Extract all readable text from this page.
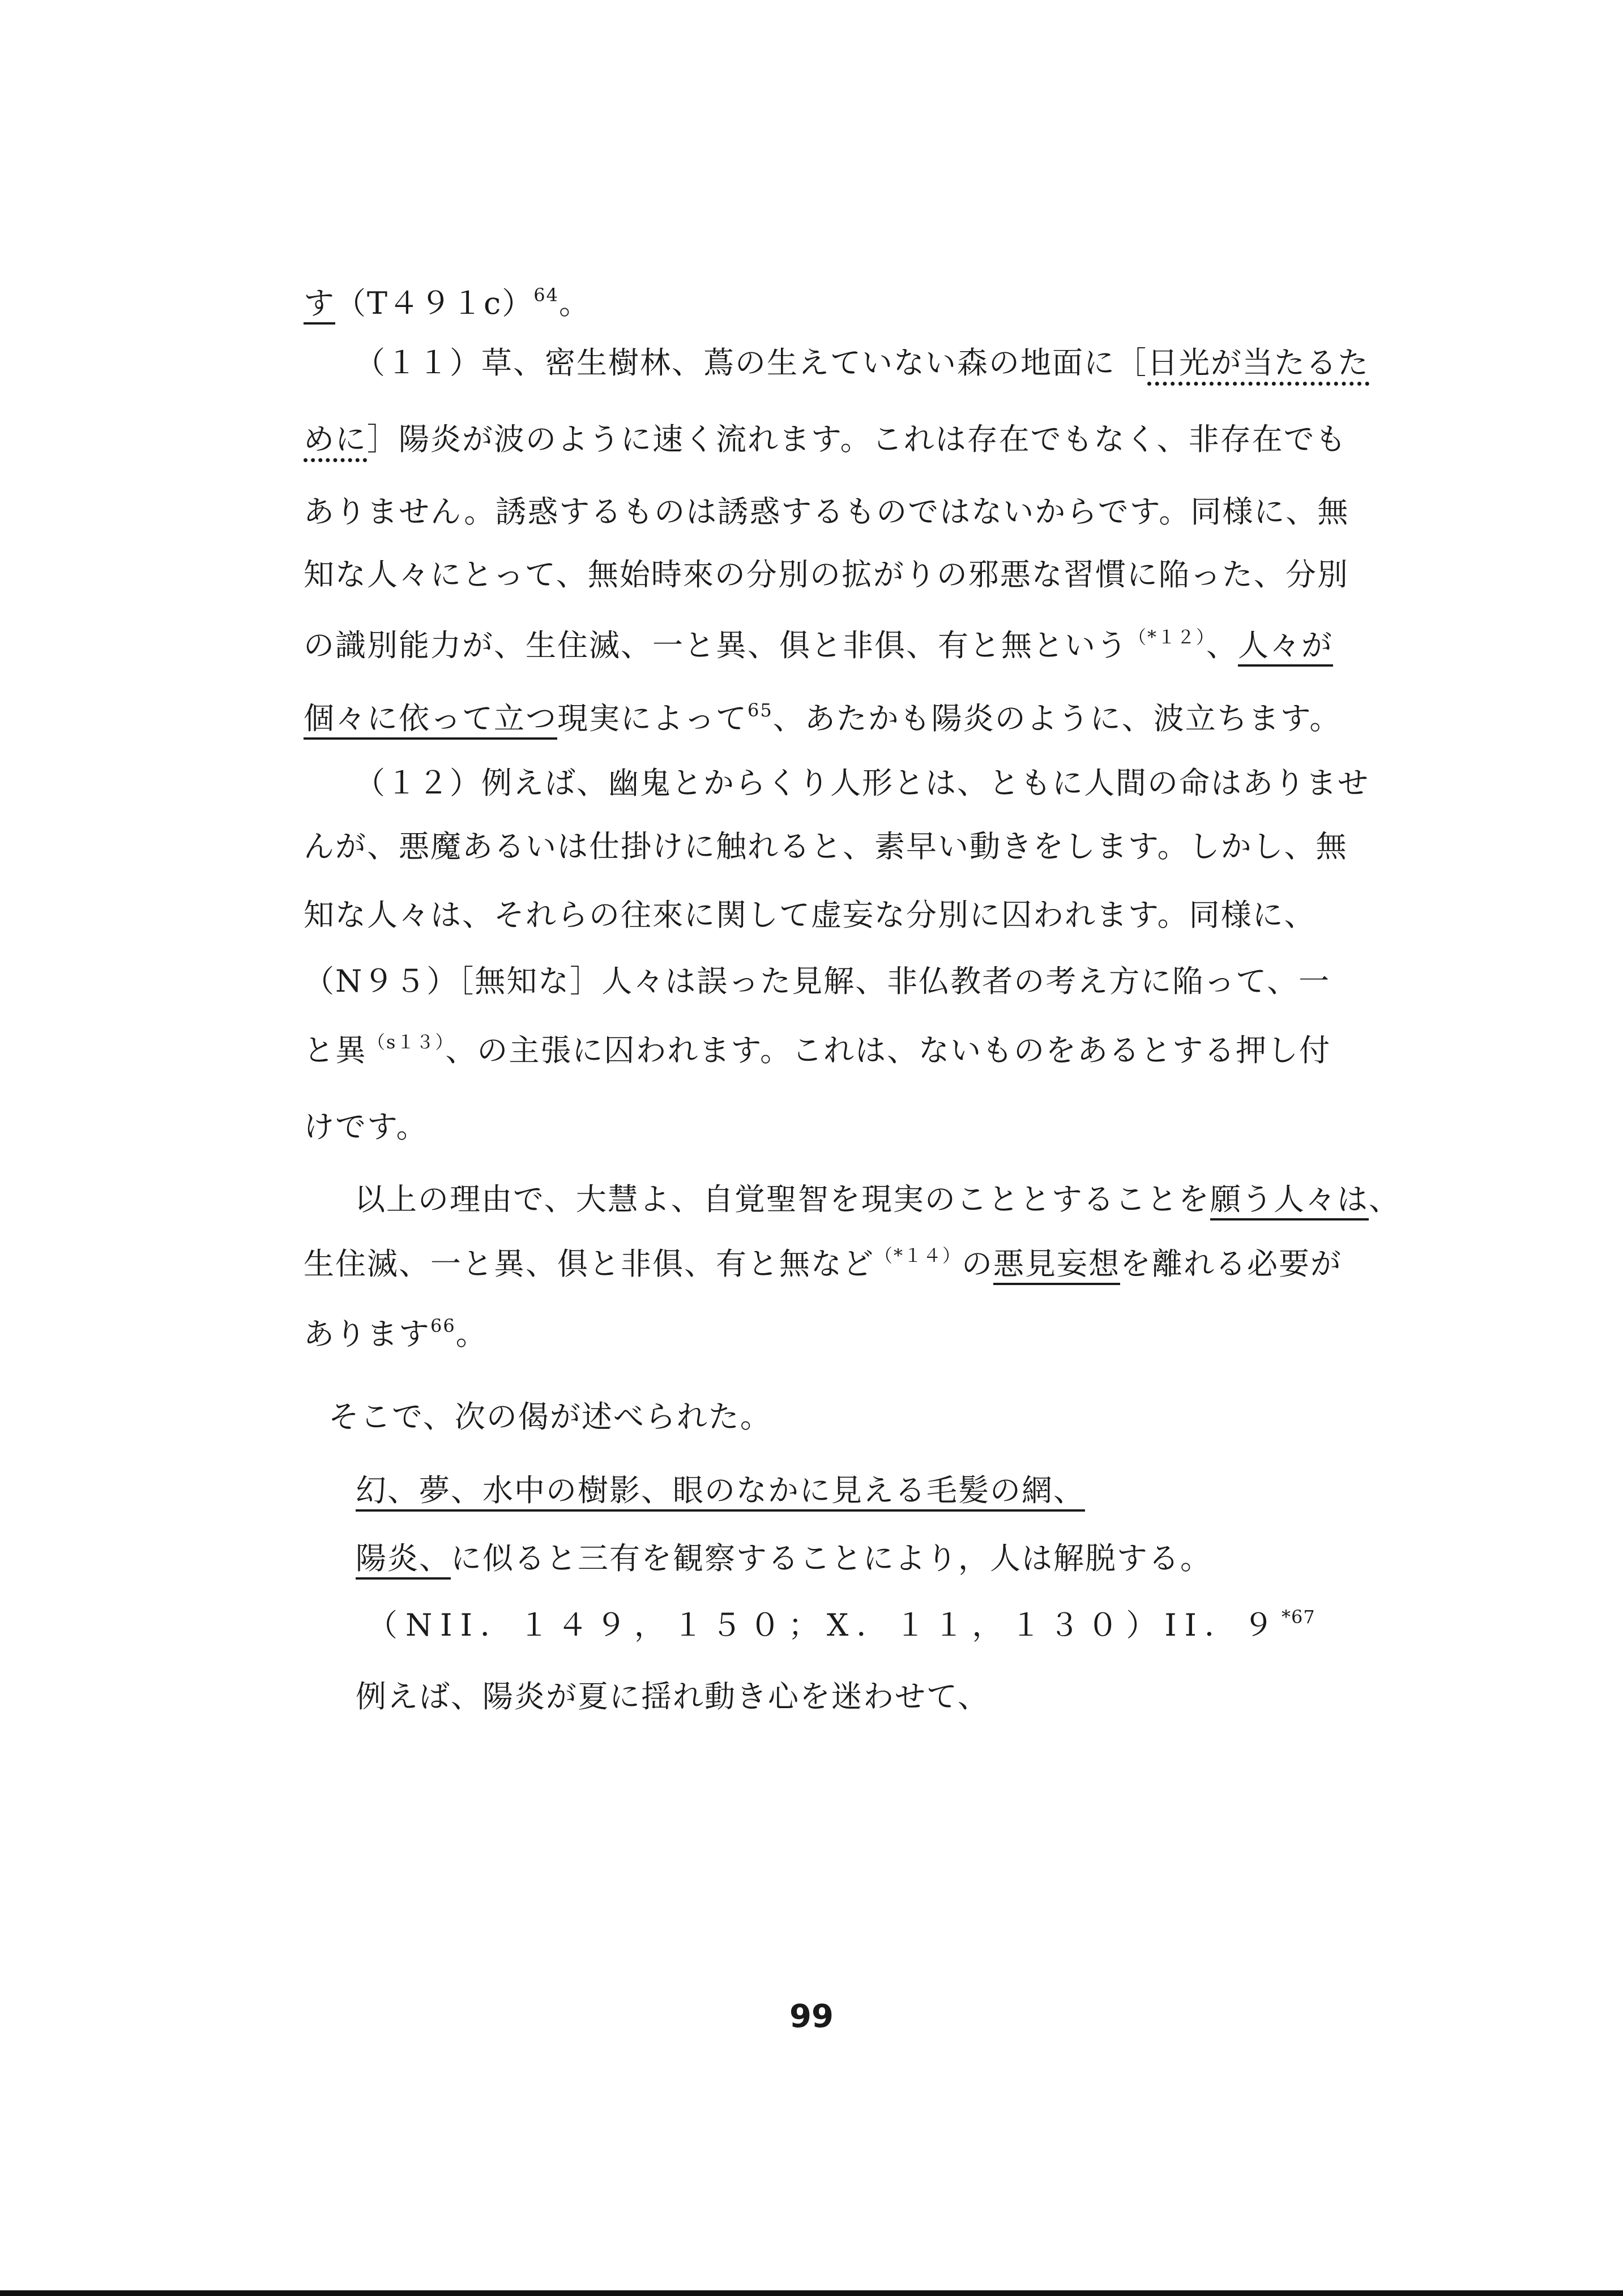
す$(T491c)^{64}$。
（１１）草、密生樹林、蔦の生えていない森の地面に［日光が当たるた
めに］陽炎が波のように速く流れます。これは存在でもなく、非存在でも
ありません。誘惑するものは誘惑するものではないからです。同様に、無
知な人々にとって、無始時來の分別の拡がりの邪悪な習慣に陥った、分別
の識別能力が、生住滅、一と異、俱と非俱、有と無という$^{(*12)}$、人々が
個々に依って立つ現実によって$^{65}$、あたかも陽炎のように、波立ちます。
（１２）例えば、幽鬼とからくり人形とは、ともに人間の命はありませ
んが、悪魔あるいは仕掛けに触れると、素早い動きをします。しかし、無
知な人々は、それらの往來に関して虚妄な分別に囚われます。同様に、
（N９５）［無知な］人々は誤った見解、非仏教者の考え方に陥って、一
と異$^{(s13)}$、の主張に囚われます。これは、ないものをあるとする押し付
けです。
以上の理由で、大慧よ、自覚聖智を現実のこととすることを願う人々は、
生住滅、一と異、俱と非俱、有と無など$^{(*14)}$の悪見妄想を離れる必要が
あります$^{66}$。
そこで、次の偈が述べられた。
幻、夢、水中の樹影、眼のなかに見える毛髪の網、
陽炎、に似ると三有を観察することにより，人は解脱する。
（NII．１４９，１５０；X．１１，１３０）II．９$^{*67}$
例えば、陽炎が夏に揺れ動き心を迷わせて、
99
